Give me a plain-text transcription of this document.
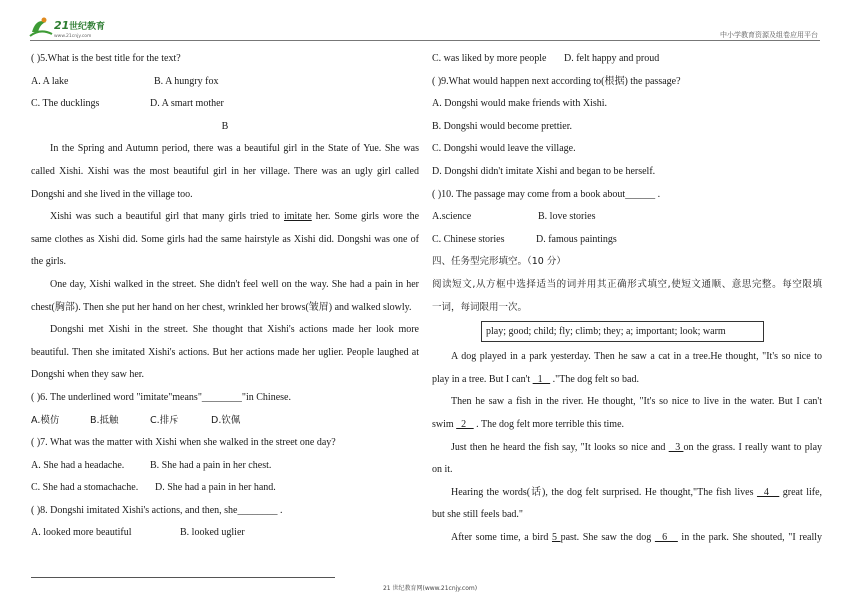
21 世纪教育
www.21cnjy.com	中小学教育资源及组卷应用平台
( )5.What is the best title for the text?
A. A lake	B. A hungry fox
C. The ducklings	D. A smart mother
B
In the Spring and Autumn period, there was a beautiful girl in the State of Yue. She was
called Xishi. Xishi was the most beautiful girl in her village. There was an ugly girl called
Dongshi and she lived in the village too.
Xishi was such a beautiful girl that many girls tried to imitate her. Some girls wore the
same clothes as Xishi did. Some girls had the same hairstyle as Xishi did. Dongshi was one of
the girls.
One day, Xishi walked in the street. She didn't feel well on the way. She had a pain in her
chest(胸部). Then she put her hand on her chest, wrinkled her brows(皱眉) and walked slowly.
Dongshi met Xishi in the street. She thought that Xishi's actions made her look more
beautiful. Then she imitated Xishi's actions. But her actions made her uglier. People laughed at
Dongshi when they saw her.
( )6. The underlined word "imitate"means"________"in Chinese.
A.模仿	B.抵触	C.排斥	D.钦佩
( )7. What was the matter with Xishi when she walked in the street one day?
A. She had a headache.	B. She had a pain in her chest.
C. She had a stomachache. D. She had a pain in her hand.
( )8. Dongshi imitated Xishi's actions, and then, she________ .
A. looked more beautiful	B. looked uglier
C. was liked by more people D. felt happy and proud
( )9.What would happen next according to(根据) the passage?
A. Dongshi would make friends with Xishi.
B. Dongshi would become prettier.
C. Dongshi would leave the village.
D. Dongshi didn't imitate Xishi and began to be herself.
( )10. The passage may come from a book about______ .
A.science	B. love stories
C. Chinese stories	D. famous paintings
四、任务型完形填空。（10 分）
阅读短文,从方框中选择适当的词并用其正确形式填空,使短文通顺、意思完整。每空限填
一词，每词限用一次。
play; good; child; fly; climb; they; a; important; look; warm
A dog played in a park yesterday. Then he saw a cat in a tree.He thought, "It's so nice to
play in a tree. But I can't   1    ."The dog felt so bad.
Then he saw a fish in the river. He thought, "It's so nice to live in the water. But I can't
swim   2    . The dog felt more terrible this time.
Just then he heard the fish say, "It looks so nice and   3 on the grass. I really want to play
on it.
Hearing the words(话), the dog felt surprised. He thought,"The fish lives   4    great life,
but she still feels bad."
After some time, a bird 5 past. She saw the dog   6    in the park. She shouted, "I really
21 世纪教育网(www.21cnjy.com)
